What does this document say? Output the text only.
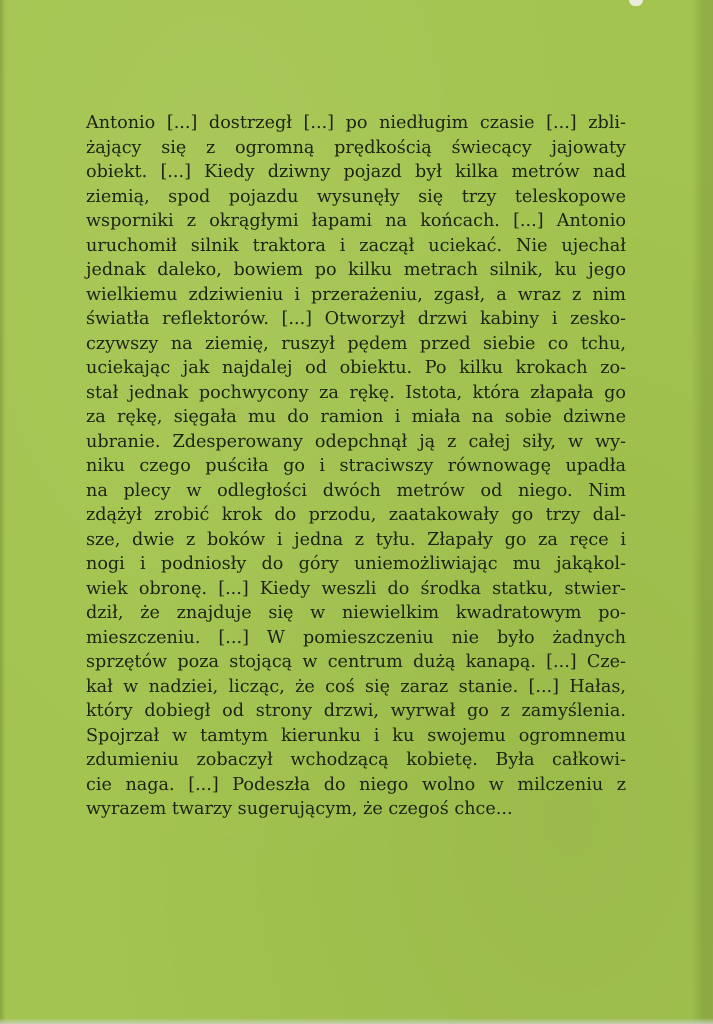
Antonio [...] dostrzegł [...] po niedługim czasie [...] zbli-
żający się z ogromną prędkością świecący jajowaty
obiekt. [...] Kiedy dziwny pojazd był kilka metrów nad
ziemią, spod pojazdu wysunęły się trzy teleskopowe
wsporniki z okrągłymi łapami na końcach. [...] Antonio
uruchomił silnik traktora i zaczął uciekać. Nie ujechał
jednak daleko, bowiem po kilku metrach silnik, ku jego
wielkiemu zdziwieniu i przerażeniu, zgasł, a wraz z nim
światła reflektorów. [...] Otworzył drzwi kabiny i zesko-
czywszy na ziemię, ruszył pędem przed siebie co tchu,
uciekając jak najdalej od obiektu. Po kilku krokach zo-
stał jednak pochwycony za rękę. Istota, która złapała go
za rękę, sięgała mu do ramion i miała na sobie dziwne
ubranie. Zdesperowany odepchnął ją z całej siły, w wy-
niku czego puściła go i straciwszy równowagę upadła
na plecy w odległości dwóch metrów od niego. Nim
zdążył zrobić krok do przodu, zaatakowały go trzy dal-
sze, dwie z boków i jedna z tyłu. Złapały go za ręce i
nogi i podniosły do góry uniemożliwiając mu jakąkol-
wiek obronę. [...] Kiedy weszli do środka statku, stwier-
dził, że znajduje się w niewielkim kwadratowym po-
mieszczeniu. [...] W pomieszczeniu nie było żadnych
sprzętów poza stojącą w centrum dużą kanapą. [...] Cze-
kał w nadziei, licząc, że coś się zaraz stanie. [...] Hałas,
który dobiegł od strony drzwi, wyrwał go z zamyślenia.
Spojrzał w tamtym kierunku i ku swojemu ogromnemu
zdumieniu zobaczył wchodzącą kobietę. Była całkowi-
cie naga. [...] Podeszła do niego wolno w milczeniu z
wyrazem twarzy sugerującym, że czegoś chce...
